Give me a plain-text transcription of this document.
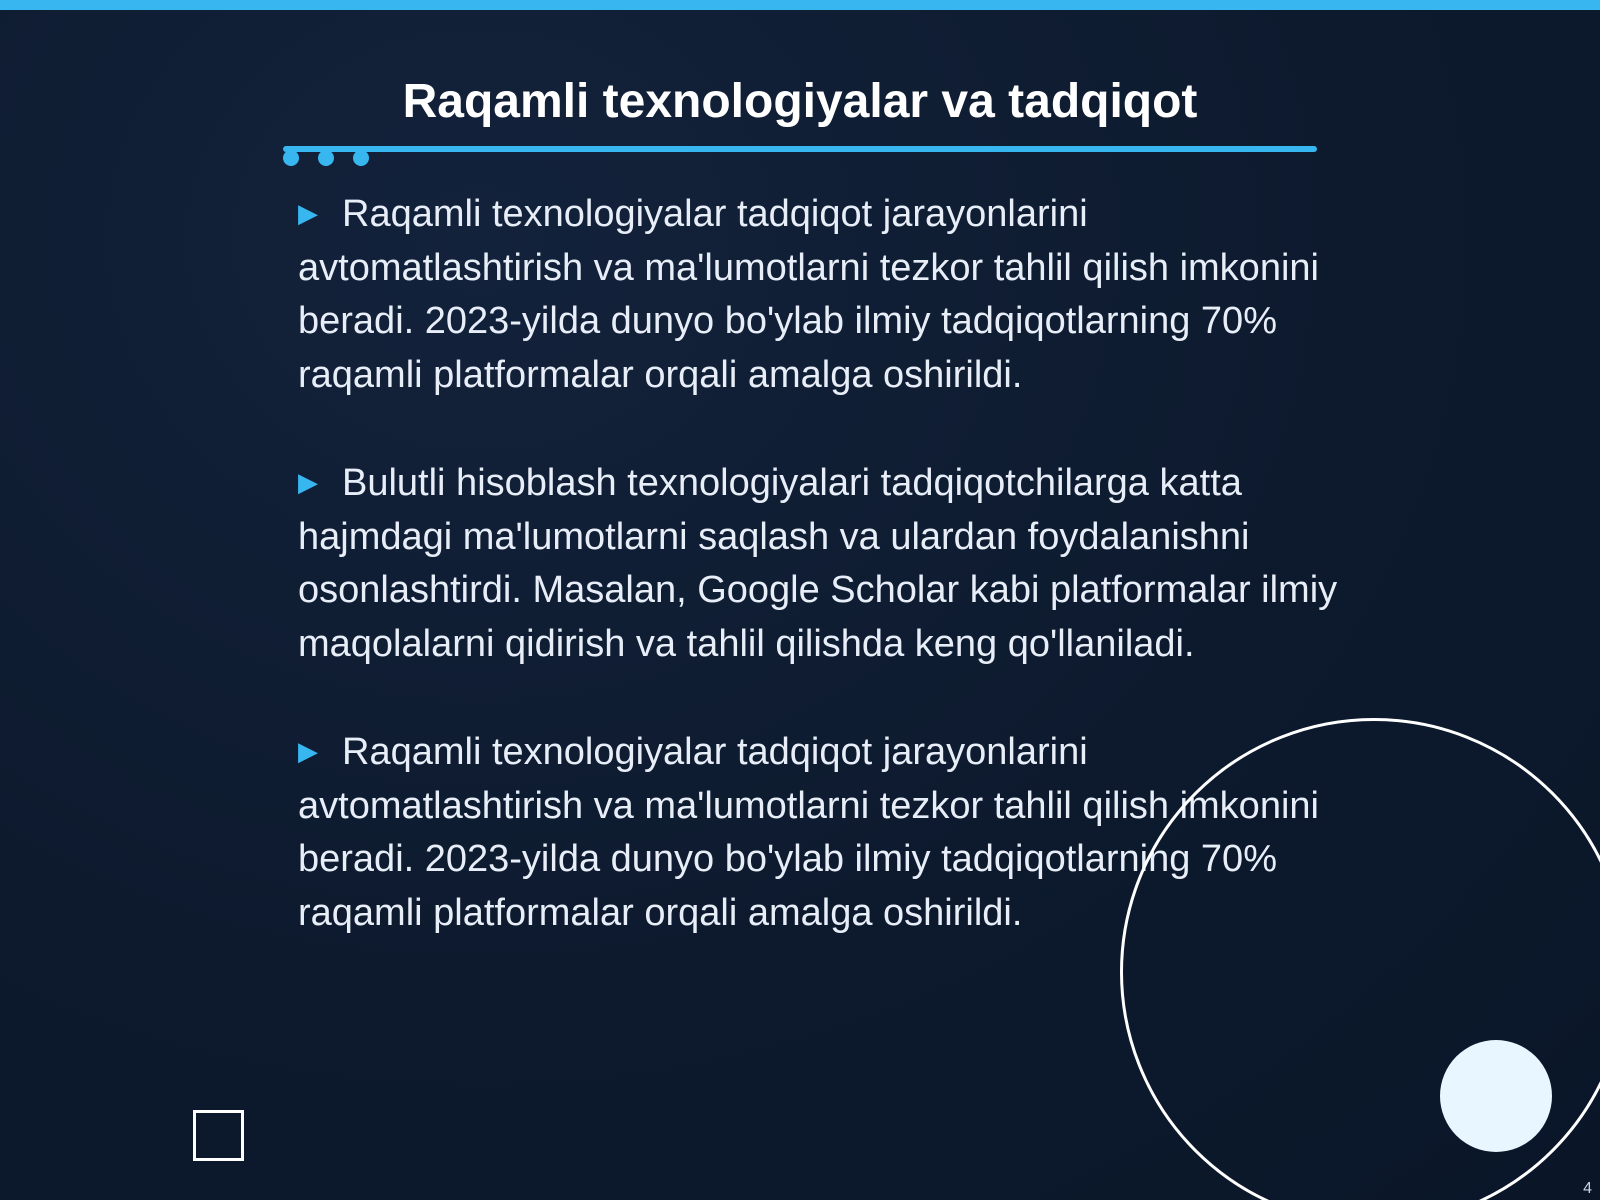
Raqamli texnologiyalar va tadqiqot

▶ Raqamli texnologiyalar tadqiqot jarayonlarini avtomatlashtirish va ma'lumotlarni tezkor tahlil qilish imkonini beradi. 2023-yilda dunyo bo'ylab ilmiy tadqiqotlarning 70% raqamli platformalar orqali amalga oshirildi.

▶ Bulutli hisoblash texnologiyalari tadqiqotchilarga katta hajmdagi ma'lumotlarni saqlash va ulardan foydalanishni osonlashtirdi. Masalan, Google Scholar kabi platformalar ilmiy maqolalarni qidirish va tahlil qilishda keng qo'llaniladi.

▶ Raqamli texnologiyalar tadqiqot jarayonlarini avtomatlashtirish va ma'lumotlarni tezkor tahlil qilish imkonini beradi. 2023-yilda dunyo bo'ylab ilmiy tadqiqotlarning 70% raqamli platformalar orqali amalga oshirildi.

4
